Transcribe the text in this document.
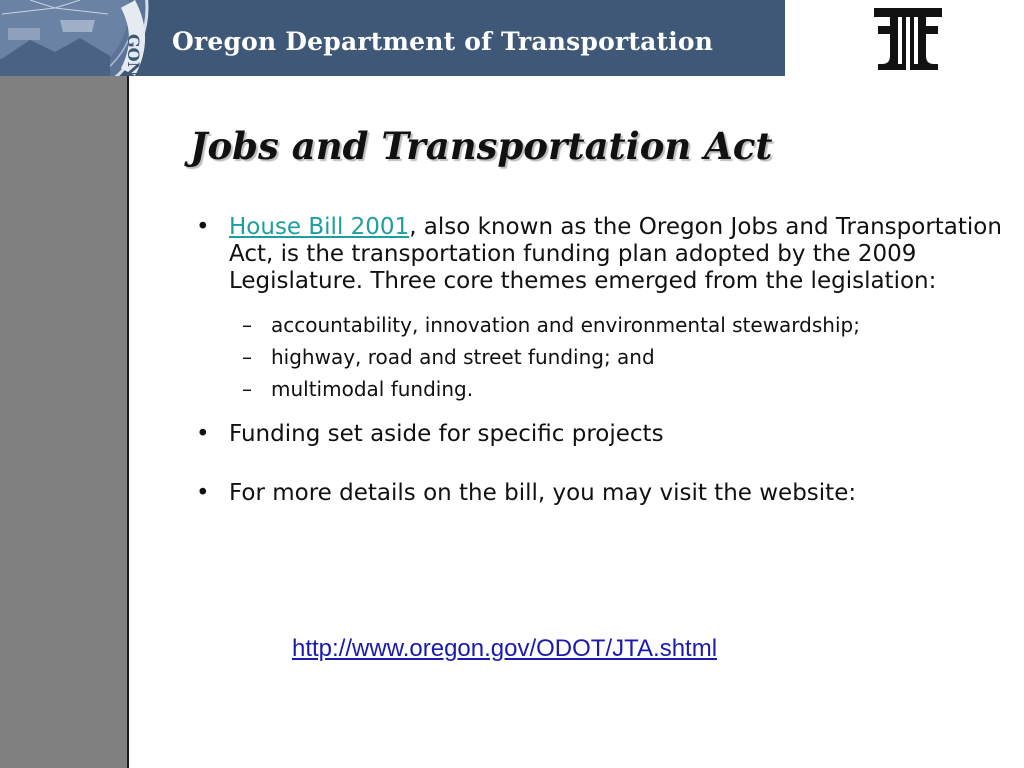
GON Oregon Department of Transportation
Jobs and Transportation Act
• House Bill 2001, also known as the Oregon Jobs and Transportation Act, is the transportation funding plan adopted by the 2009 Legislature. Three core themes emerged from the legislation:
– accountability, innovation and environmental stewardship;
– highway, road and street funding; and
– multimodal funding.
• Funding set aside for specific projects
• For more details on the bill, you may visit the website:
http://www.oregon.gov/ODOT/JTA.shtml
